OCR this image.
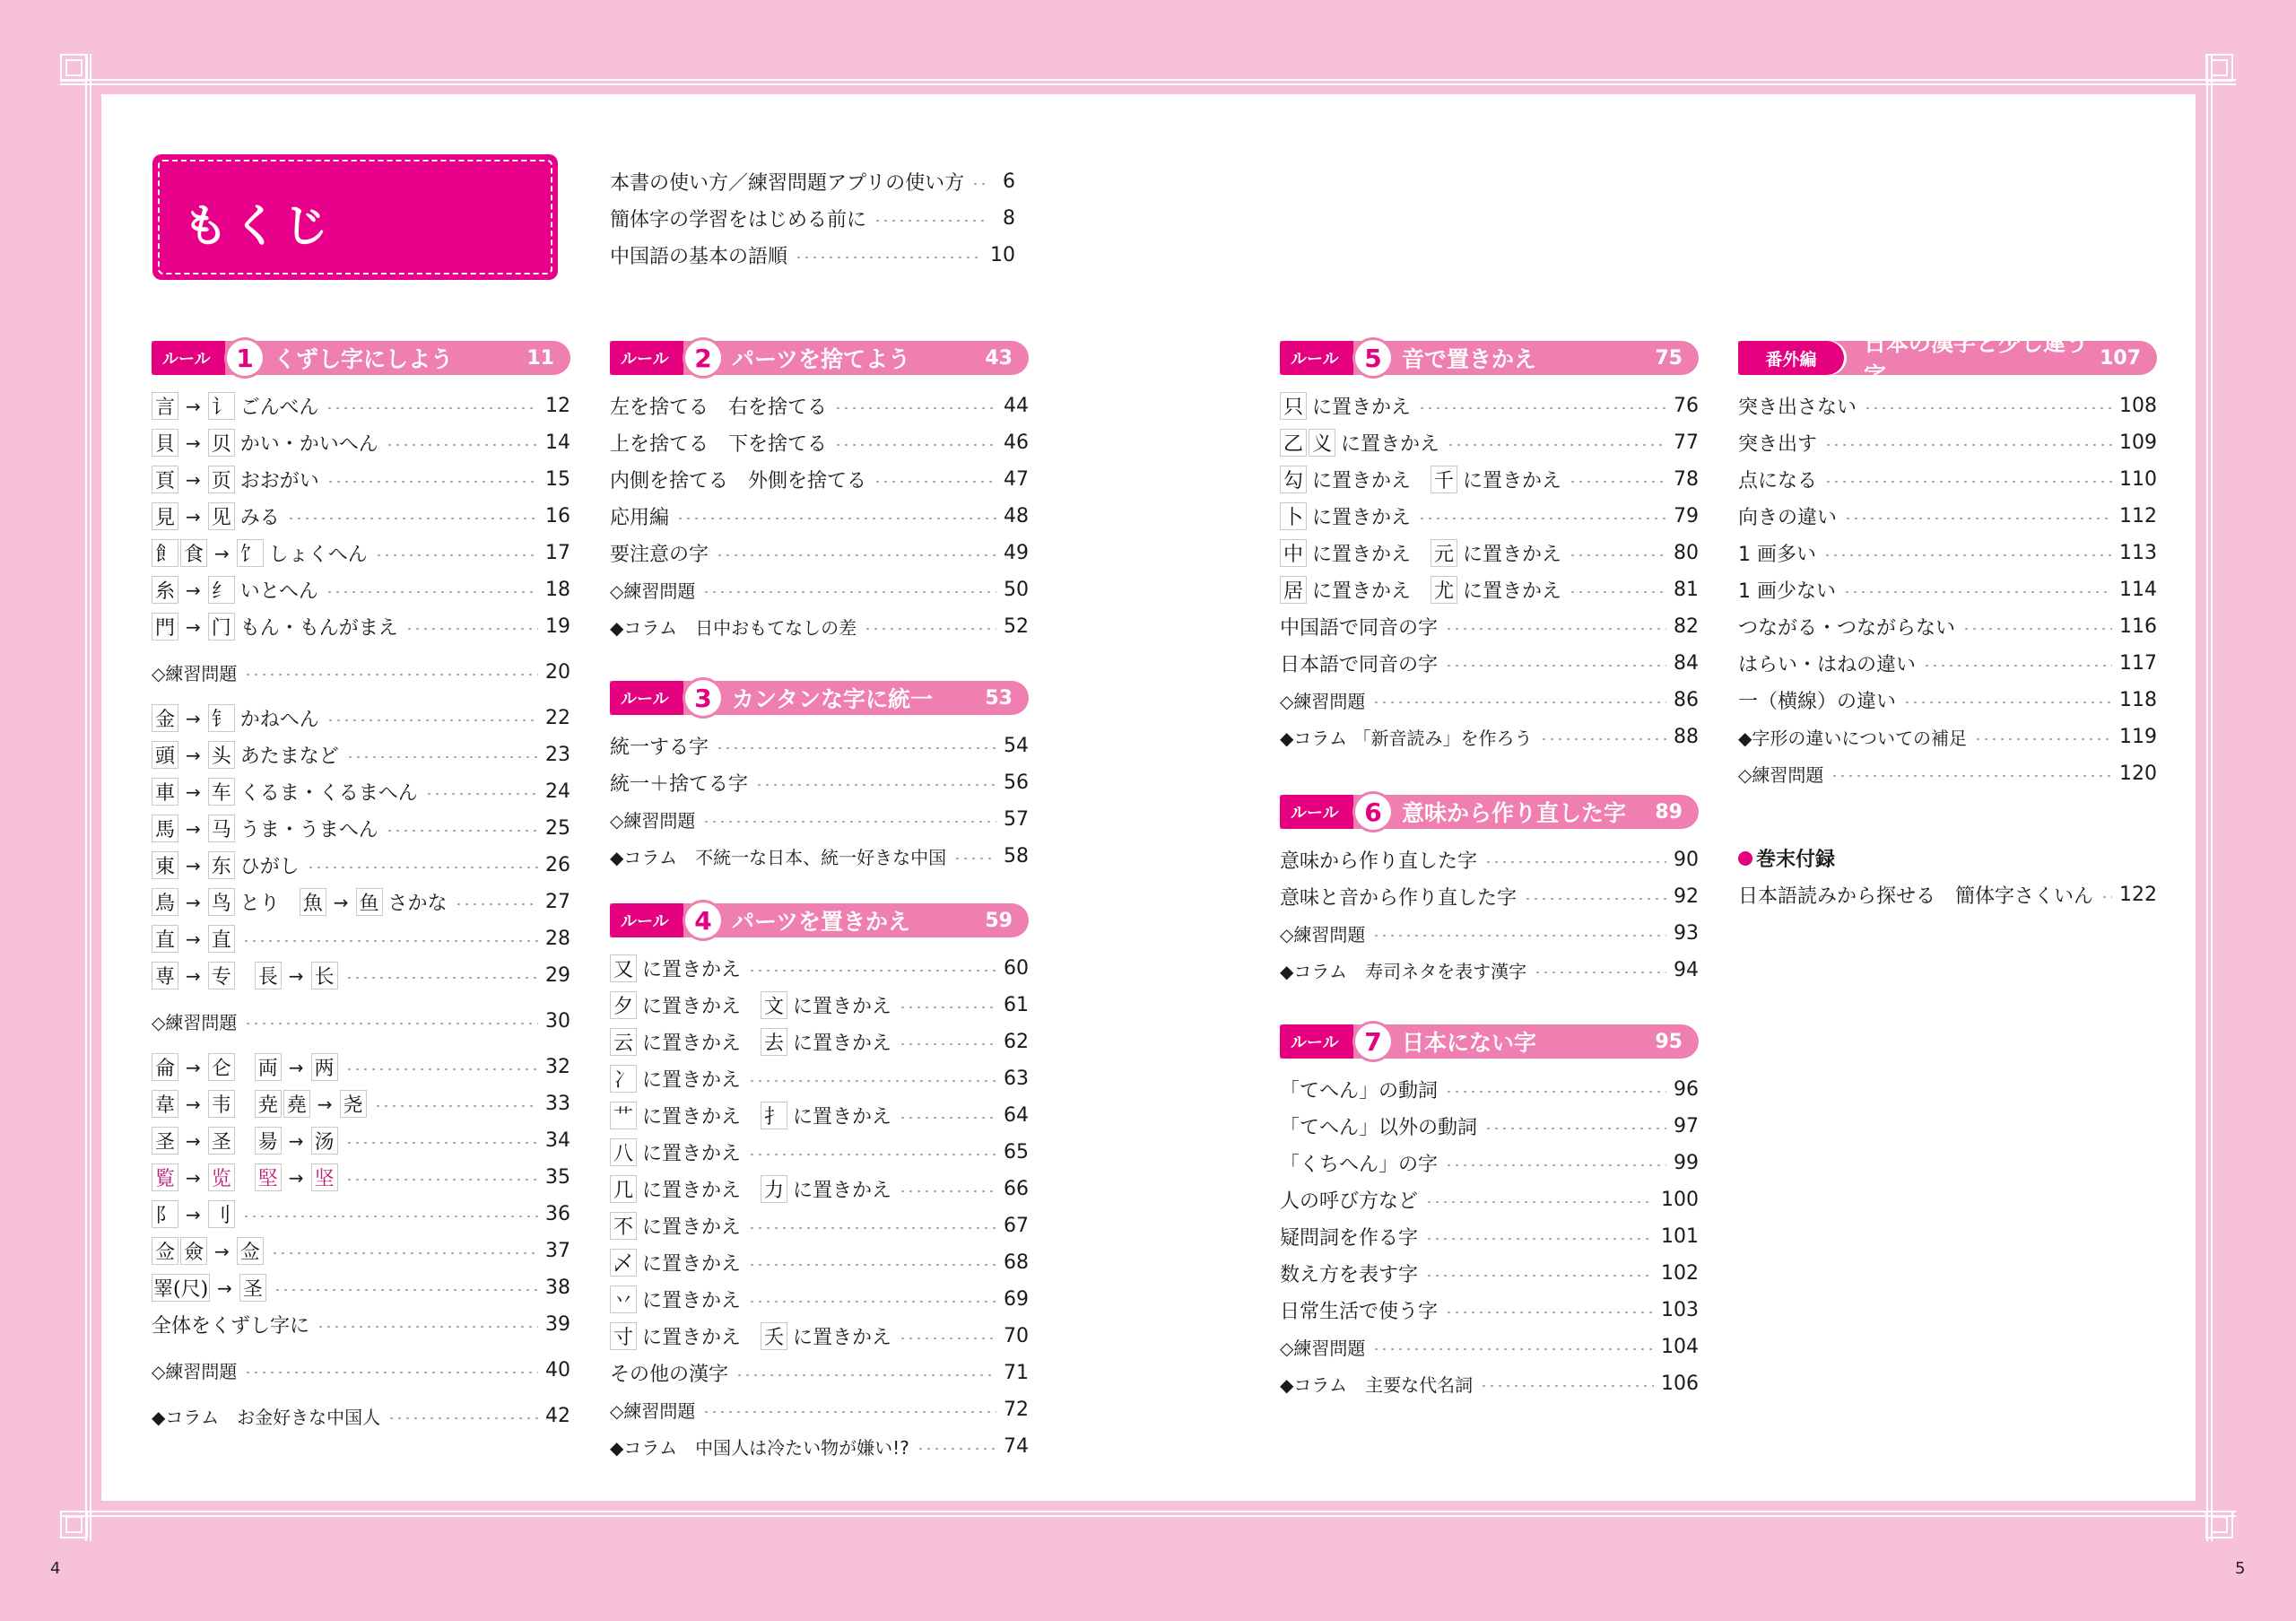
4	5
もくじ
本書の使い方／練習問題アプリの使い方	6
簡体字の学習をはじめる前に	8
中国語の基本の語順	10
ルール	1 くずし字にしよう	11
言 → 讠 ごんべん	12
貝 → 贝 かい・かいへん	14
頁 → 页 おおがい	15
見 → 见 みる	16
飠 食 → 饣 しょくへん	17
糸 → 纟 いとへん	18
門 → 门 もん・もんがまえ	19
◇練習問題	20
金 → 钅 かねへん	22
頭 → 头 あたまなど	23
車 → 车 くるま・くるまへん	24
馬 → 马 うま・うまへん	25
東 → 东 ひがし	26
鳥 → 鸟 とり 魚 → 鱼 さかな	27
直 → 直	28
専 → 专 長 → 长	29
◇練習問題	30
侖 → 仑 両 → 两	32
韋 → 韦 尭 堯 → 尧	33
圣 → 圣 昜 → 汤	34
覧 → 览 堅 → 坚	35
阝 → 刂	36
佥 僉 → 佥	37
睪(尺) → 圣	38
全体をくずし字に	39
◇練習問題	40
◆コラム　お金好きな中国人	42
ルール	2 パーツを捨てよう	43
左を捨てる　右を捨てる	44
上を捨てる　下を捨てる	46
内側を捨てる　外側を捨てる	47
応用編	48
要注意の字	49
◇練習問題	50
◆コラム　日中おもてなしの差	52
ルール	3 カンタンな字に統一	53
統一する字	54
統一＋捨てる字	56
◇練習問題	57
◆コラム　不統一な日本、統一好きな中国	58
ルール	4 パーツを置きかえ	59
又 に置きかえ	60
夕 に置きかえ 文 に置きかえ	61
云 に置きかえ 去 に置きかえ	62
冫 に置きかえ	63
艹 に置きかえ 扌 に置きかえ	64
八 に置きかえ	65
几 に置きかえ 力 に置きかえ	66
不 に置きかえ	67
乄 に置きかえ	68
丷 に置きかえ	69
寸 に置きかえ 夭 に置きかえ	70
その他の漢字	71
◇練習問題	72
◆コラム　中国人は冷たい物が嫌い!?	74
ルール	5 音で置きかえ	75
只 に置きかえ	76
乙 义 に置きかえ	77
勾 に置きかえ 千 に置きかえ	78
卜 に置きかえ	79
中 に置きかえ 元 に置きかえ	80
居 に置きかえ 尤 に置きかえ	81
中国語で同音の字	82
日本語で同音の字	84
◇練習問題	86
◆コラム 「新音読み」を作ろう	88
ルール	6 意味から作り直した字	89
意味から作り直した字	90
意味と音から作り直した字	92
◇練習問題	93
◆コラム　寿司ネタを表す漢字	94
ルール	7 日本にない字	95
「てへん」の動詞	96
「てへん」以外の動詞	97
「くちへん」の字	99
人の呼び方など	100
疑問詞を作る字	101
数え方を表す字	102
日常生活で使う字	103
◇練習問題	104
◆コラム　主要な代名詞	106
番外編
日本の漢字と少し違う字
107
突き出さない	108
突き出す	109
点になる	110
向きの違い	112
1 画多い	113
1 画少ない	114
つながる・つながらない	116
はらい・はねの違い	117
一（横線）の違い	118
◆字形の違いについての補足	119
◇練習問題	120
巻末付録
日本語読みから探せる　簡体字さくいん 122
